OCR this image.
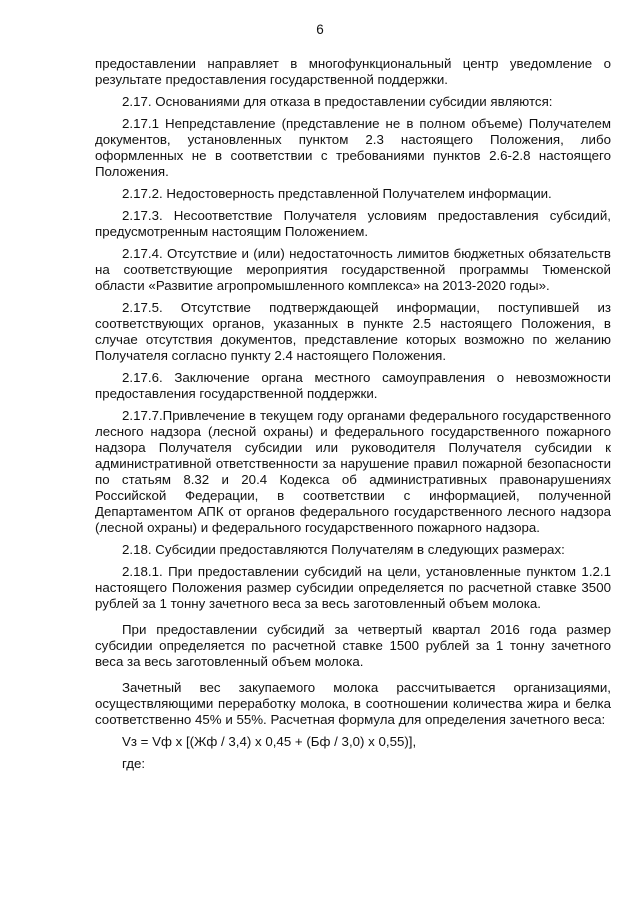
6

предоставлении направляет в многофункциональный центр уведомление о результате предоставления государственной поддержки.

2.17. Основаниями для отказа в предоставлении субсидии являются:

2.17.1 Непредставление (представление не в полном объеме) Получателем документов, установленных пунктом 2.3 настоящего Положения, либо оформленных не в соответствии с требованиями пунктов 2.6-2.8 настоящего Положения.

2.17.2. Недостоверность представленной Получателем информации.

2.17.3. Несоответствие Получателя условиям предоставления субсидий, предусмотренным настоящим Положением.

2.17.4. Отсутствие и (или) недостаточность лимитов бюджетных обязательств на соответствующие мероприятия государственной программы Тюменской области «Развитие агропромышленного комплекса» на 2013-2020 годы».

2.17.5. Отсутствие подтверждающей информации, поступившей из соответствующих органов, указанных в пункте 2.5 настоящего Положения, в случае отсутствия документов, представление которых возможно по желанию Получателя согласно пункту 2.4 настоящего Положения.

2.17.6. Заключение органа местного самоуправления о невозможности предоставления государственной поддержки.

2.17.7.Привлечение в текущем году органами федерального государственного лесного надзора (лесной охраны) и федерального государственного пожарного надзора Получателя субсидии или руководителя Получателя субсидии к административной ответственности за нарушение правил пожарной безопасности по статьям 8.32 и 20.4 Кодекса об административных правонарушениях Российской Федерации, в соответствии с информацией, полученной Департаментом АПК от органов федерального государственного лесного надзора (лесной охраны) и федерального государственного пожарного надзора.

2.18. Субсидии предоставляются Получателям в следующих размерах:

2.18.1. При предоставлении субсидий на цели, установленные пунктом 1.2.1 настоящего Положения размер субсидии определяется по расчетной ставке 3500 рублей за 1 тонну зачетного веса за весь заготовленный объем молока.

При предоставлении субсидий за четвертый квартал 2016 года размер субсидии определяется по расчетной ставке 1500 рублей за 1 тонну зачетного веса за весь заготовленный объем молока.

Зачетный вес закупаемого молока рассчитывается организациями, осуществляющими переработку молока, в соотношении количества жира и белка соответственно 45% и 55%. Расчетная формула для определения зачетного веса:

Vз = Vф x [(Жф / 3,4) x 0,45 + (Бф / 3,0) x 0,55)],

где:
